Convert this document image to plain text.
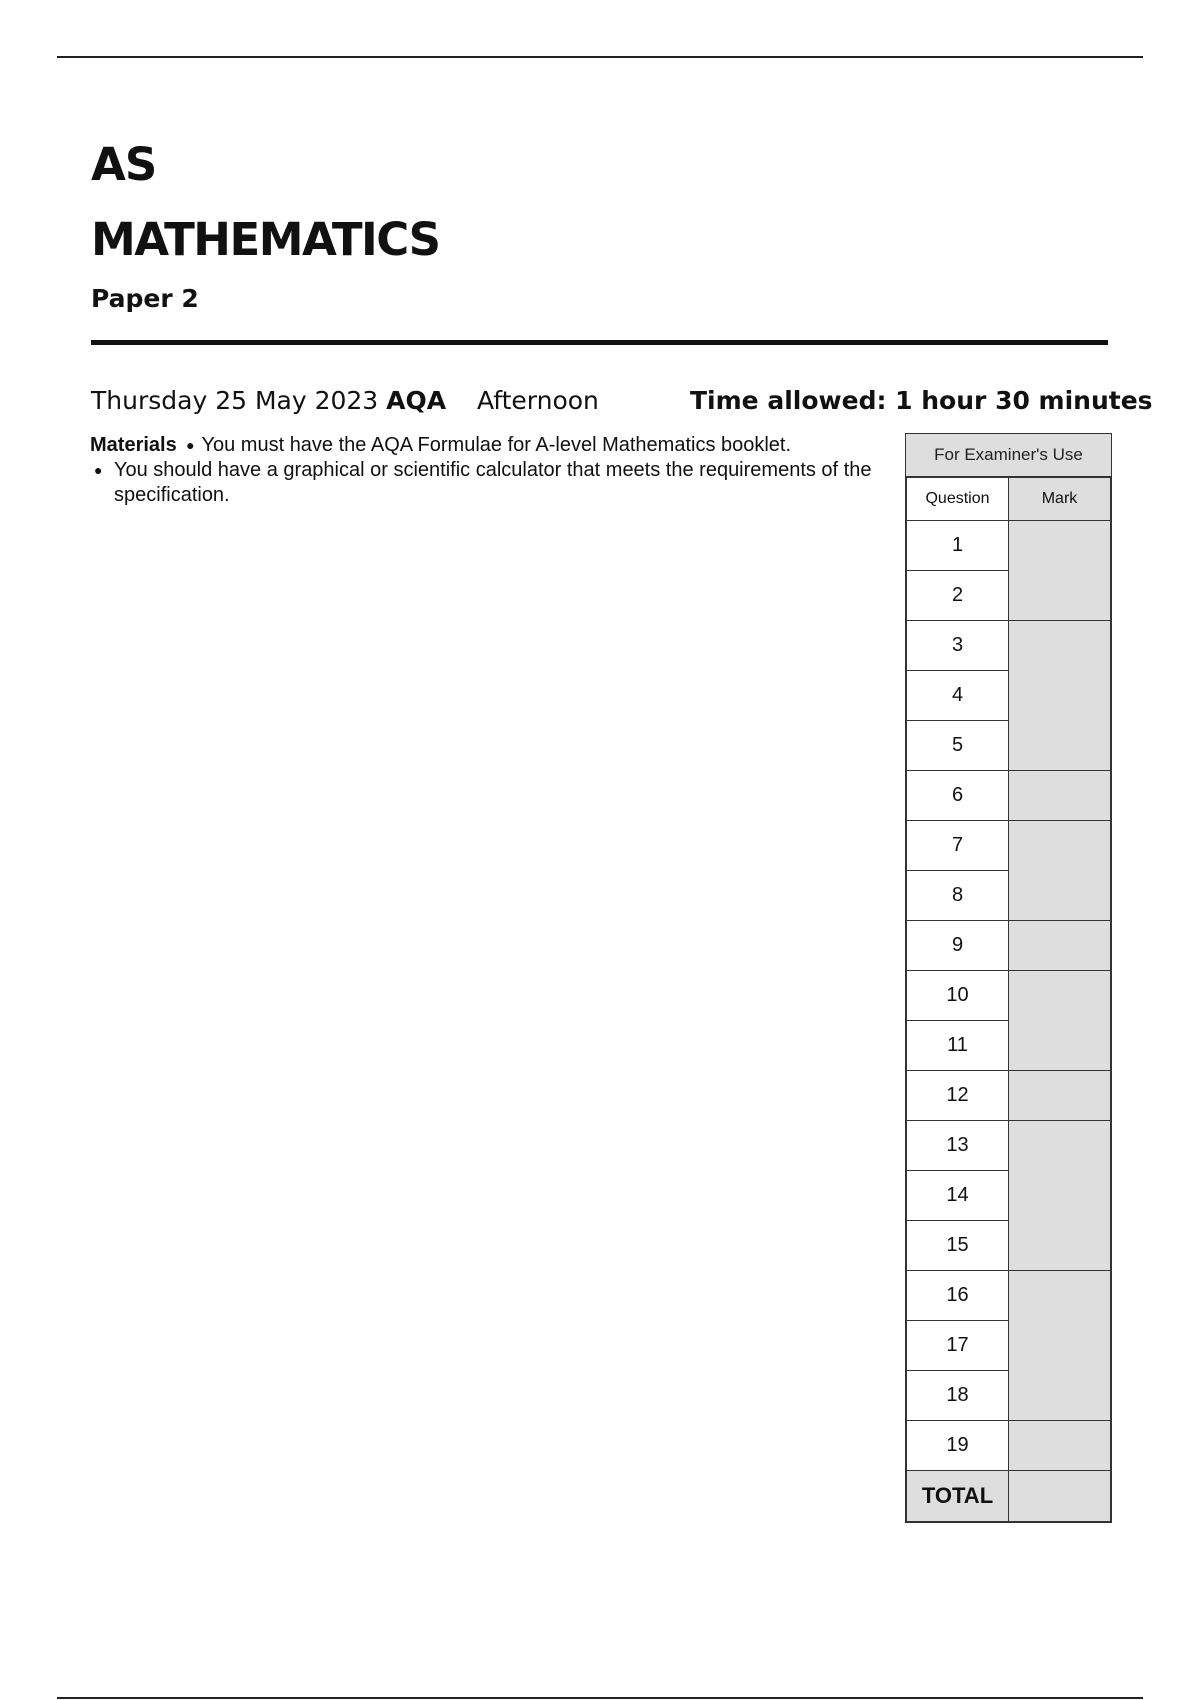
AS
MATHEMATICS
Paper 2
Thursday 25 May 2023 AQA Afternoon	Time allowed: 1 hour 30 minutes
Materials  ● You must have the AQA Formulae for A-level Mathematics booklet.
● You should have a graphical or scientific calculator that meets the requirements of the specification.
For Examiner's Use
Question	Mark
1	
2	
3	
4	
5	
6	
7	
8	
9	
10	
11	
12	
13	
14	
15	
16	
17	
18	
19	
TOTAL	
